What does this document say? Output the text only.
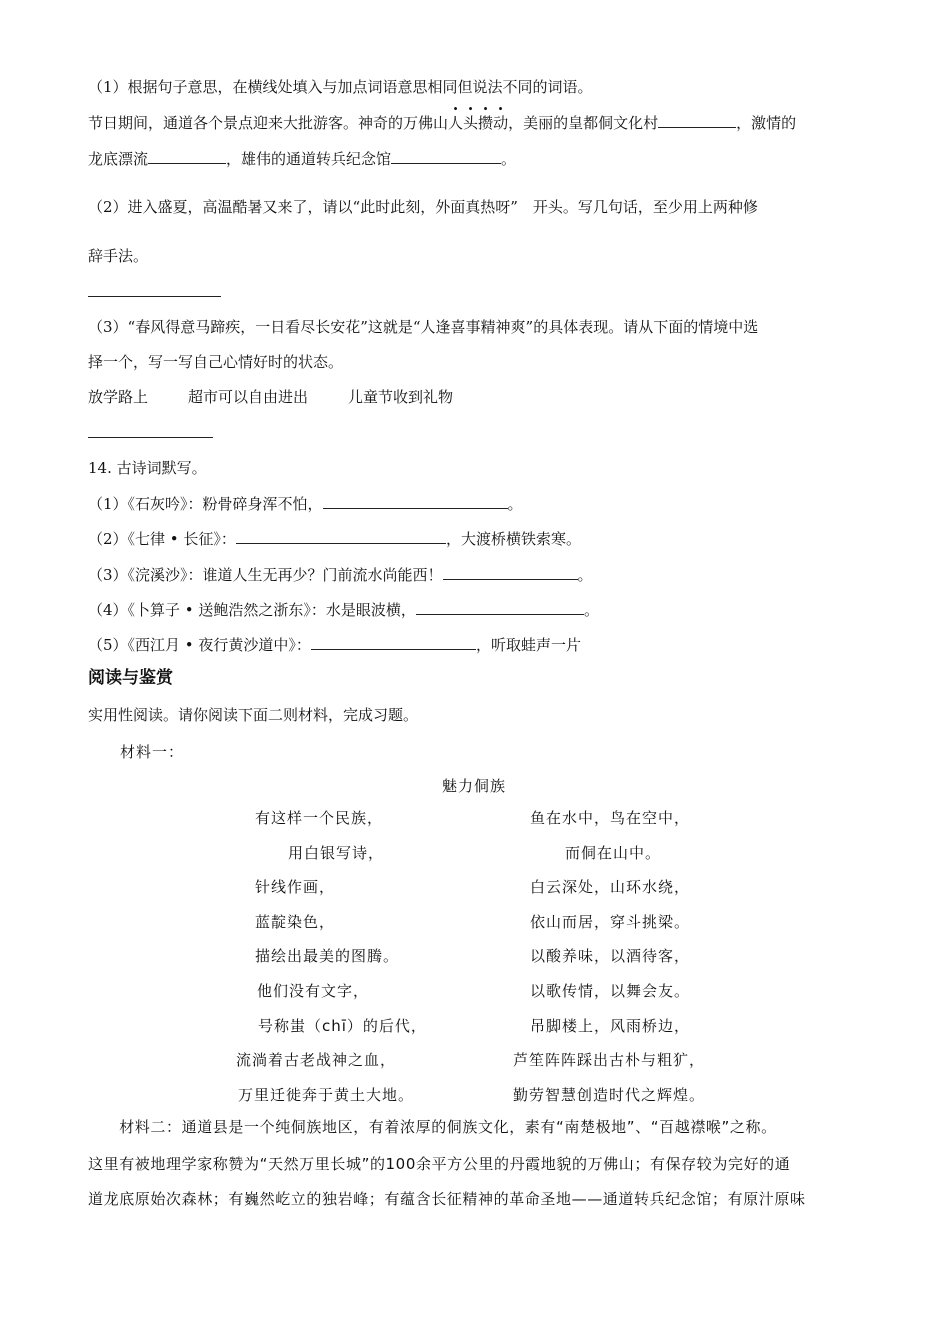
（1）根据句子意思，在横线处填入与加点词语意思相同但说法不同的词语。
节日期间，通道各个景点迎来大批游客。神奇的万佛山人头攒动，美丽的皇都侗文化村	，激情的
龙底漂流	，雄伟的通道转兵纪念馆	。
（2）进入盛夏，高温酷暑又来了，请以“此时此刻，外面真热呀”　开头。写几句话，至少用上两种修
辞手法。
（3）“春风得意马蹄疾，一日看尽长安花”这就是“人逢喜事精神爽”的具体表现。请从下面的情境中选
择一个，写一写自己心情好时的状态。
放学路上	超市可以自由进出	儿童节收到礼物
14. 古诗词默写。
（1）《石灰吟》：粉骨碎身浑不怕，	。
（2）《七律 • 长征》：	，大渡桥横铁索寒。
（3）《浣溪沙》：谁道人生无再少？门前流水尚能西！	。
（4）《卜算子 • 送鲍浩然之浙东》：水是眼波横，	。
（5）《西江月 • 夜行黄沙道中》：	，听取蛙声一片
阅读与鉴赏
实用性阅读。请你阅读下面二则材料，完成习题。
材料一：
魅力侗族
有这样一个民族，
用白银写诗，
针线作画，
蓝靛染色，
描绘出最美的图腾。
他们没有文字，
号称蚩（chī）的后代，
流淌着古老战神之血，
万里迁徙奔于黄土大地。
鱼在水中，鸟在空中，
而侗在山中。
白云深处，山环水绕，
依山而居，穿斗挑梁。
以酸养味，以酒待客，
以歌传情，以舞会友。
吊脚楼上，风雨桥边，
芦笙阵阵踩出古朴与粗犷，
勤劳智慧创造时代之辉煌。
　　材料二：通道县是一个纯侗族地区，有着浓厚的侗族文化，素有“南楚极地”、“百越襟喉”之称。
这里有被地理学家称赞为“天然万里长城”的100余平方公里的丹霞地貌的万佛山；有保存较为完好的通
道龙底原始次森林；有巍然屹立的独岩峰；有蕴含长征精神的革命圣地——通道转兵纪念馆；有原汁原味
